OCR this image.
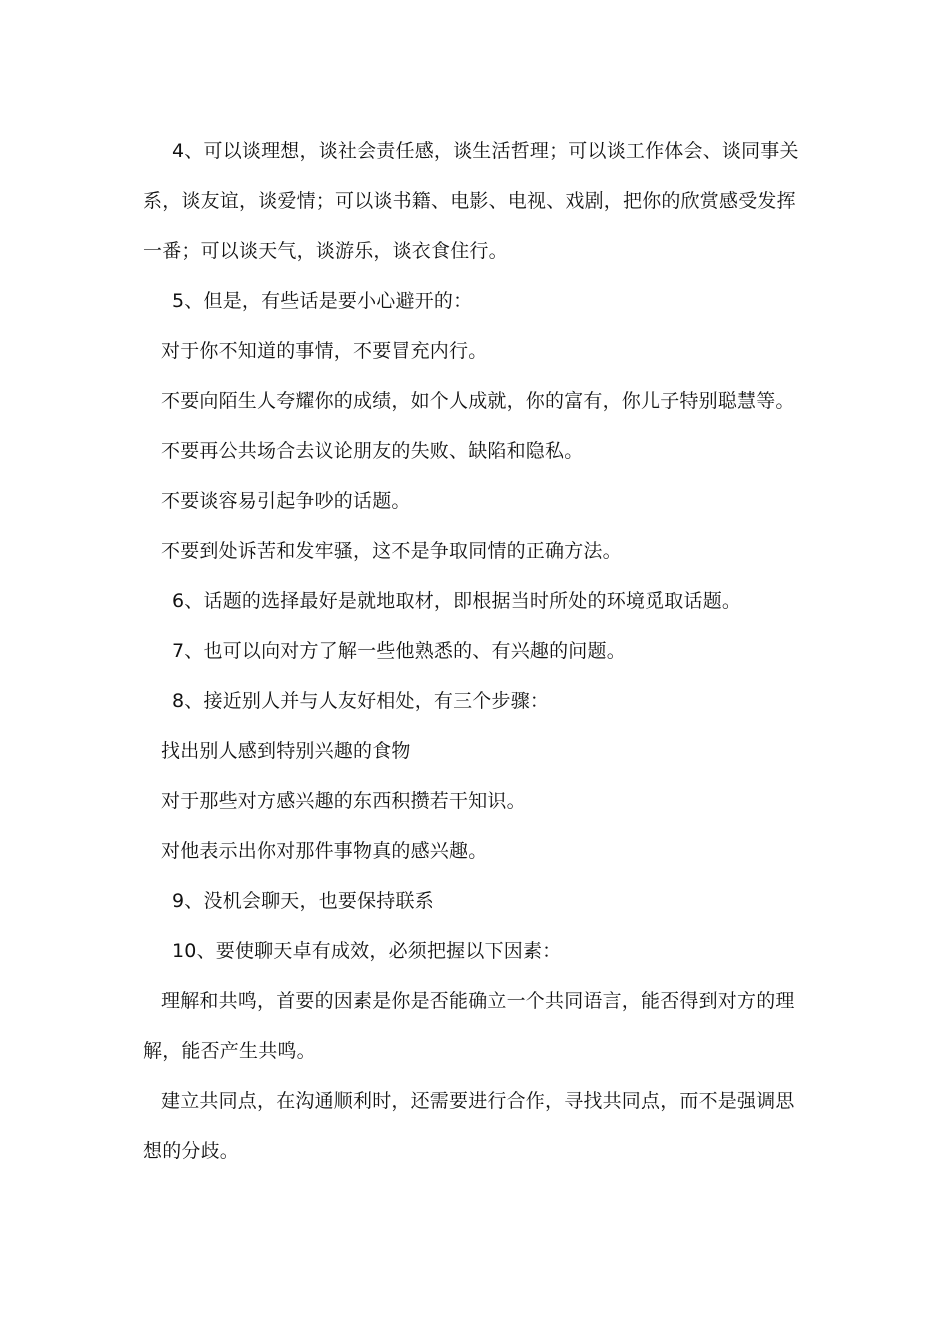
4、可以谈理想，谈社会责任感，谈生活哲理；可以谈工作体会、谈同事关系，谈友谊，谈爱情；可以谈书籍、电影、电视、戏剧，把你的欣赏感受发挥一番；可以谈天气，谈游乐，谈衣食住行。

5、但是，有些话是要小心避开的：

对于你不知道的事情，不要冒充内行。

不要向陌生人夸耀你的成绩，如个人成就，你的富有，你儿子特别聪慧等。

不要再公共场合去议论朋友的失败、缺陷和隐私。

不要谈容易引起争吵的话题。

不要到处诉苦和发牢骚，这不是争取同情的正确方法。

6、话题的选择最好是就地取材，即根据当时所处的环境觅取话题。

7、也可以向对方了解一些他熟悉的、有兴趣的问题。

8、接近别人并与人友好相处，有三个步骤：

找出别人感到特别兴趣的食物

对于那些对方感兴趣的东西积攒若干知识。

对他表示出你对那件事物真的感兴趣。

9、没机会聊天，也要保持联系

10、要使聊天卓有成效，必须把握以下因素：

理解和共鸣，首要的因素是你是否能确立一个共同语言，能否得到对方的理解，能否产生共鸣。

建立共同点，在沟通顺利时，还需要进行合作，寻找共同点，而不是强调思想的分歧。
